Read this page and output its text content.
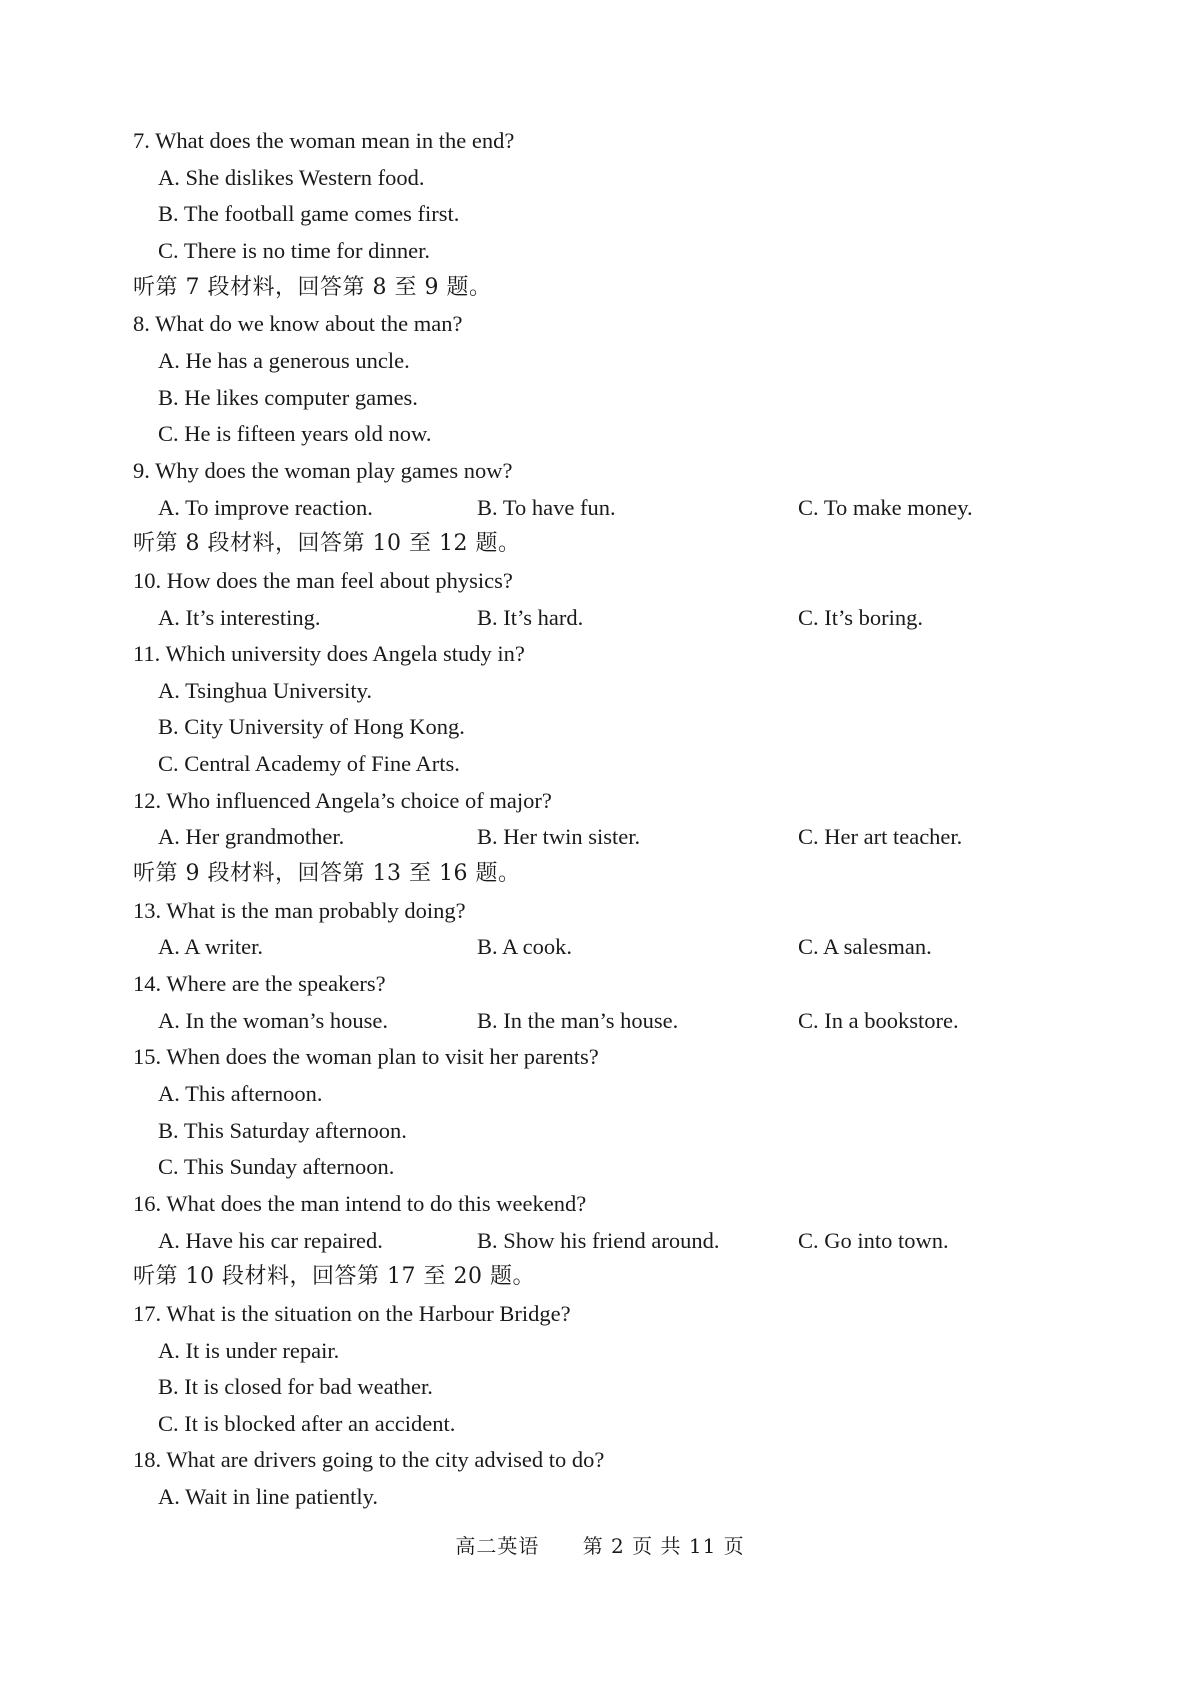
7. What does the woman mean in the end?
A. She dislikes Western food.
B. The football game comes first.
C. There is no time for dinner.
听第 7 段材料，回答第 8 至 9 题。
8. What do we know about the man?
A. He has a generous uncle.
B. He likes computer games.
C. He is fifteen years old now.
9. Why does the woman play games now?
A. To improve reaction.	B. To have fun.	C. To make money.
听第 8 段材料，回答第 10 至 12 题。
10. How does the man feel about physics?
A. It’s interesting.	B. It’s hard.	C. It’s boring.
11. Which university does Angela study in?
A. Tsinghua University.
B. City University of Hong Kong.
C. Central Academy of Fine Arts.
12. Who influenced Angela’s choice of major?
A. Her grandmother.	B. Her twin sister.	C. Her art teacher.
听第 9 段材料，回答第 13 至 16 题。
13. What is the man probably doing?
A. A writer.	B. A cook.	C. A salesman.
14. Where are the speakers?
A. In the woman’s house.	B. In the man’s house.	C. In a bookstore.
15. When does the woman plan to visit her parents?
A. This afternoon.
B. This Saturday afternoon.
C. This Sunday afternoon.
16. What does the man intend to do this weekend?
A. Have his car repaired.	B. Show his friend around.	C. Go into town.
听第 10 段材料，回答第 17 至 20 题。
17. What is the situation on the Harbour Bridge?
A. It is under repair.
B. It is closed for bad weather.
C. It is blocked after an accident.
18. What are drivers going to the city advised to do?
A. Wait in line patiently.
高二英语 第 2 页 共 11 页
